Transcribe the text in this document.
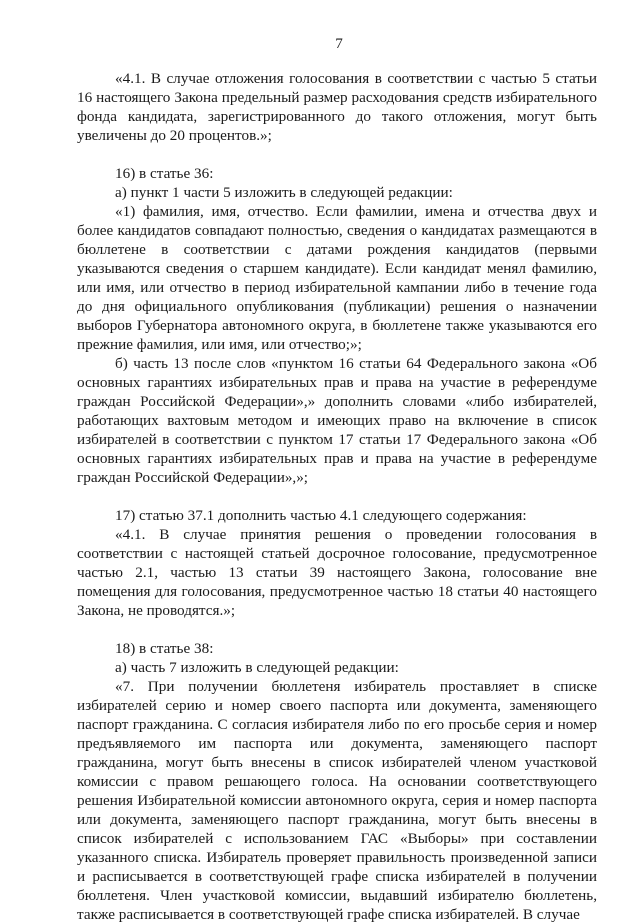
7

«4.1. В случае отложения голосования в соответствии с частью 5 статьи 16 настоящего Закона предельный размер расходования средств избирательного фонда кандидата, зарегистрированного до такого отложения, могут быть увеличены до 20 процентов.»;

16) в статье 36:

а) пункт 1 части 5 изложить в следующей редакции:

«1) фамилия, имя, отчество. Если фамилии, имена и отчества двух и более кандидатов совпадают полностью, сведения о кандидатах размещаются в бюллетене в соответствии с датами рождения кандидатов (первыми указываются сведения о старшем кандидате). Если кандидат менял фамилию, или имя, или отчество в период избирательной кампании либо в течение года до дня официального опубликования (публикации) решения о назначении выборов Губернатора автономного округа, в бюллетене также указываются его прежние фамилия, или имя, или отчество;»;

б) часть 13 после слов «пунктом 16 статьи 64 Федерального закона «Об основных гарантиях избирательных прав и права на участие в референдуме граждан Российской Федерации»,» дополнить словами «либо избирателей, работающих вахтовым методом и имеющих право на включение в список избирателей в соответствии с пунктом 17 статьи 17 Федерального закона «Об основных гарантиях избирательных прав и права на участие в референдуме граждан Российской Федерации»,»;

17) статью 37.1 дополнить частью 4.1 следующего содержания:

«4.1. В случае принятия решения о проведении голосования в соответствии с настоящей статьей досрочное голосование, предусмотренное частью 2.1, частью 13 статьи 39 настоящего Закона, голосование вне помещения для голосования, предусмотренное частью 18 статьи 40 настоящего Закона, не проводятся.»;

18) в статье 38:

а) часть 7 изложить в следующей редакции:

«7. При получении бюллетеня избиратель проставляет в списке избирателей серию и номер своего паспорта или документа, заменяющего паспорт гражданина. С согласия избирателя либо по его просьбе серия и номер предъявляемого им паспорта или документа, заменяющего паспорт гражданина, могут быть внесены в список избирателей членом участковой комиссии с правом решающего голоса. На основании соответствующего решения Избирательной комиссии автономного округа, серия и номер паспорта или документа, заменяющего паспорт гражданина, могут быть внесены в список избирателей с использованием ГАС «Выборы» при составлении указанного списка. Избиратель проверяет правильность произведенной записи и расписывается в соответствующей графе списка избирателей в получении бюллетеня. Член участковой комиссии, выдавший избирателю бюллетень, также расписывается в соответствующей графе списка избирателей. В случае
